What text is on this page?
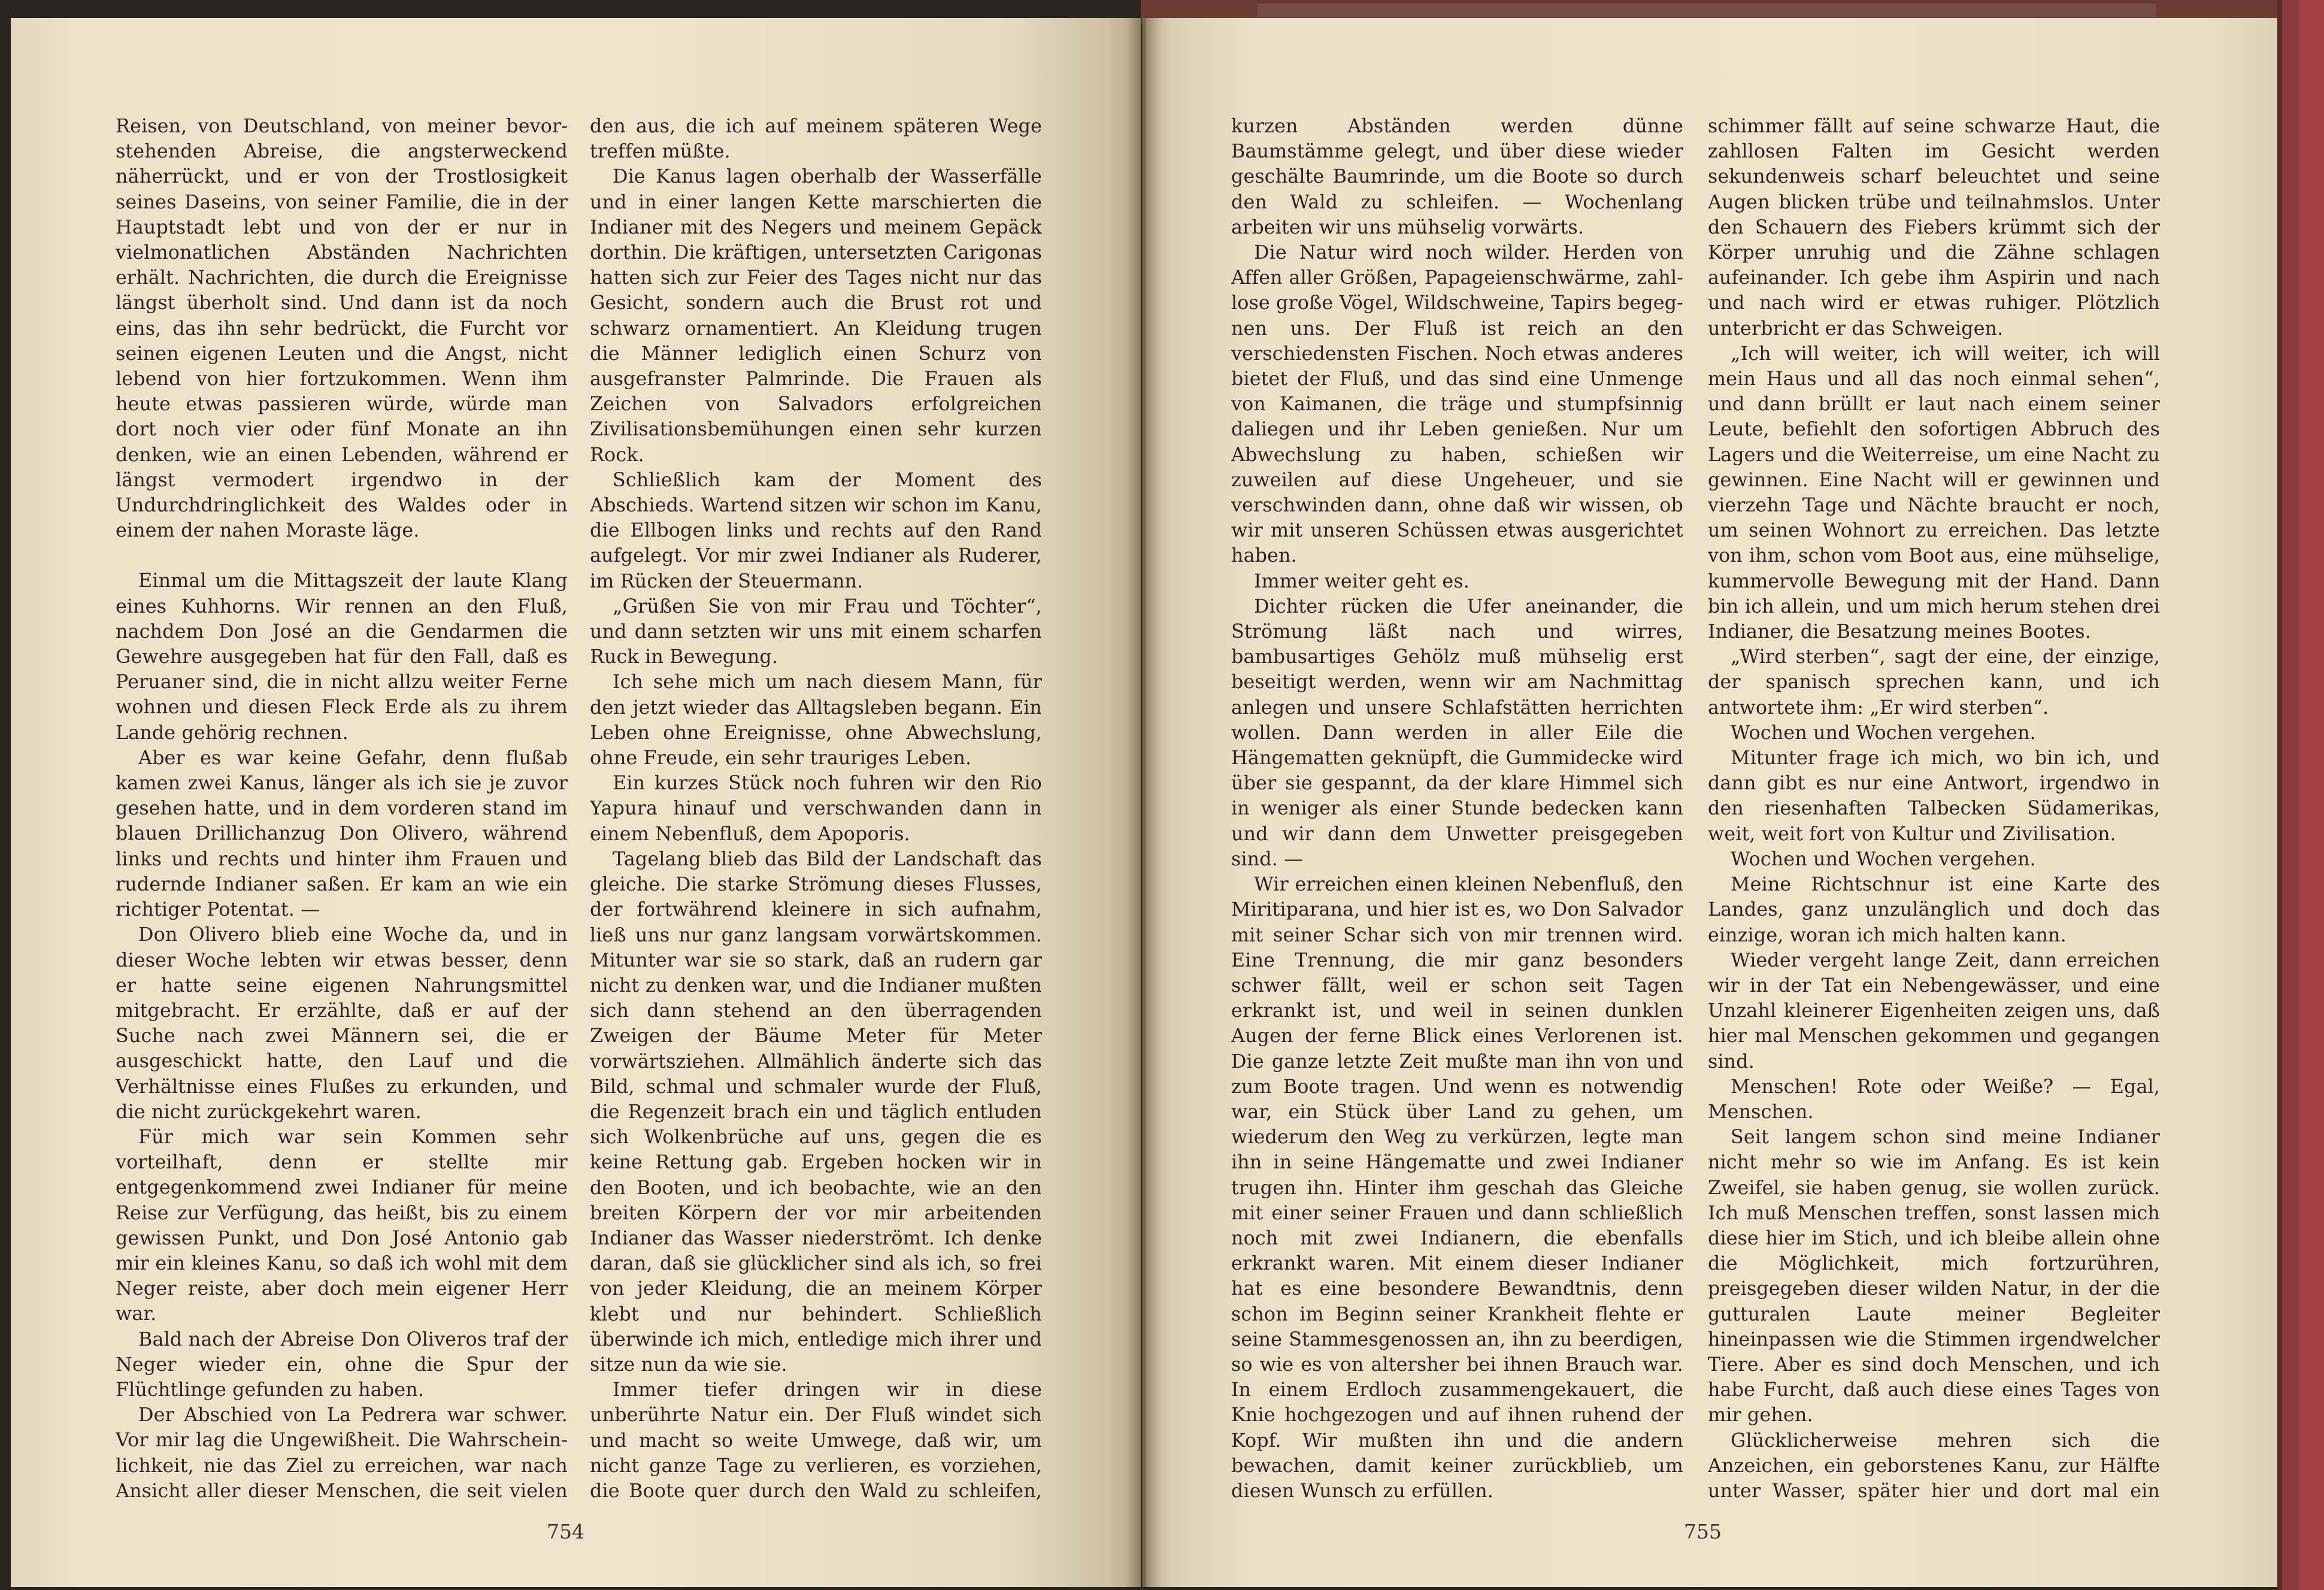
Reisen, von Deutschland, von meiner bevorstehenden Abreise, die angsterweckend näherrückt, und er von der Trostlosigkeit seines Daseins, von seiner Familie, die in der Hauptstadt lebt und von der er nur in vielmonatlichen Abständen Nachrichten erhält. Nachrichten, die durch die Ereignisse längst überholt sind. Und dann ist da noch eins, das ihn sehr bedrückt, die Furcht vor seinen eigenen Leuten und die Angst, nicht lebend von hier fortzukommen. Wenn ihm heute etwas passieren würde, würde man dort noch vier oder fünf Monate an ihn denken, wie an einen Lebenden, während er längst vermodert irgendwo in der Undurchdringlichkeit des Waldes oder in einem der nahen Moraste läge.

Einmal um die Mittagszeit der laute Klang eines Kuhhorns. Wir rennen an den Fluß, nachdem Don José an die Gendarmen die Gewehre ausgegeben hat für den Fall, daß es Peruaner sind, die in nicht allzu weiter Ferne wohnen und diesen Fleck Erde als zu ihrem Lande gehörig rechnen.

Aber es war keine Gefahr, denn flußab kamen zwei Kanus, länger als ich sie je zuvor gesehen hatte, und in dem vorderen stand im blauen Drillichanzug Don Olivero, während links und rechts und hinter ihm Frauen und rudernde Indianer saßen. Er kam an wie ein richtiger Potentat. —

Don Olivero blieb eine Woche da, und in dieser Woche lebten wir etwas besser, denn er hatte seine eigenen Nahrungsmittel mitgebracht. Er erzählte, daß er auf der Suche nach zwei Männern sei, die er ausgeschickt hatte, den Lauf und die Verhältnisse eines Flußes zu erkunden, und die nicht zurückgekehrt waren.

Für mich war sein Kommen sehr vorteilhaft, denn er stellte mir entgegenkommend zwei Indianer für meine Reise zur Verfügung, das heißt, bis zu einem gewissen Punkt, und Don José Antonio gab mir ein kleines Kanu, so daß ich wohl mit dem Neger reiste, aber doch mein eigener Herr war.

Bald nach der Abreise Don Oliveros traf der Neger wieder ein, ohne die Spur der Flüchtlinge gefunden zu haben.

Der Abschied von La Pedrera war schwer. Vor mir lag die Ungewißheit. Die Wahrscheinlichkeit, nie das Ziel zu erreichen, war nach Ansicht aller dieser Menschen, die seit vielen

den aus, die ich auf meinem späteren Wege treffen müßte.

Die Kanus lagen oberhalb der Wasserfälle und in einer langen Kette marschierten die Indianer mit des Negers und meinem Gepäck dorthin. Die kräftigen, untersetzten Carigonas hatten sich zur Feier des Tages nicht nur das Gesicht, sondern auch die Brust rot und schwarz ornamentiert. An Kleidung trugen die Männer lediglich einen Schurz von ausgefranster Palmrinde. Die Frauen als Zeichen von Salvadors erfolgreichen Zivilisationsbemühungen einen sehr kurzen Rock.

Schließlich kam der Moment des Abschieds. Wartend sitzen wir schon im Kanu, die Ellbogen links und rechts auf den Rand aufgelegt. Vor mir zwei Indianer als Ruderer, im Rücken der Steuermann.

„Grüßen Sie von mir Frau und Töchter“, und dann setzten wir uns mit einem scharfen Ruck in Bewegung.

Ich sehe mich um nach diesem Mann, für den jetzt wieder das Alltagsleben begann. Ein Leben ohne Ereignisse, ohne Abwechslung, ohne Freude, ein sehr trauriges Leben.

Ein kurzes Stück noch fuhren wir den Rio Yapura hinauf und verschwanden dann in einem Nebenfluß, dem Apoporis.

Tagelang blieb das Bild der Landschaft das gleiche. Die starke Strömung dieses Flusses, der fortwährend kleinere in sich aufnahm, ließ uns nur ganz langsam vorwärtskommen. Mitunter war sie so stark, daß an rudern gar nicht zu denken war, und die Indianer mußten sich dann stehend an den überragenden Zweigen der Bäume Meter für Meter vorwärtsziehen. Allmählich änderte sich das Bild, schmal und schmaler wurde der Fluß, die Regenzeit brach ein und täglich entluden sich Wolkenbrüche auf uns, gegen die es keine Rettung gab. Ergeben hocken wir in den Booten, und ich beobachte, wie an den breiten Körpern der vor mir arbeitenden Indianer das Wasser niederströmt. Ich denke daran, daß sie glücklicher sind als ich, so frei von jeder Kleidung, die an meinem Körper klebt und nur behindert. Schließlich überwinde ich mich, entledige mich ihrer und sitze nun da wie sie.

Immer tiefer dringen wir in diese unberührte Natur ein. Der Fluß windet sich und macht so weite Umwege, daß wir, um nicht ganze Tage zu verlieren, es vorziehen, die Boote quer durch den Wald zu schleifen,

754

kurzen Abständen werden dünne Baumstämme gelegt, und über diese wieder geschälte Baumrinde, um die Boote so durch den Wald zu schleifen. — Wochenlang arbeiten wir uns mühselig vorwärts.

Die Natur wird noch wilder. Herden von Affen aller Größen, Papageienschwärme, zahllose große Vögel, Wildschweine, Tapirs begegnen uns. Der Fluß ist reich an den verschiedensten Fischen. Noch etwas anderes bietet der Fluß, und das sind eine Unmenge von Kaimanen, die träge und stumpfsinnig daliegen und ihr Leben genießen. Nur um Abwechslung zu haben, schießen wir zuweilen auf diese Ungeheuer, und sie verschwinden dann, ohne daß wir wissen, ob wir mit unseren Schüssen etwas ausgerichtet haben.

Immer weiter geht es.

Dichter rücken die Ufer aneinander, die Strömung läßt nach und wirres, bambusartiges Gehölz muß mühselig erst beseitigt werden, wenn wir am Nachmittag anlegen und unsere Schlafstätten herrichten wollen. Dann werden in aller Eile die Hängematten geknüpft, die Gummidecke wird über sie gespannt, da der klare Himmel sich in weniger als einer Stunde bedecken kann und wir dann dem Unwetter preisgegeben sind. —

Wir erreichen einen kleinen Nebenfluß, den Miritiparana, und hier ist es, wo Don Salvador mit seiner Schar sich von mir trennen wird. Eine Trennung, die mir ganz besonders schwer fällt, weil er schon seit Tagen erkrankt ist, und weil in seinen dunklen Augen der ferne Blick eines Verlorenen ist. Die ganze letzte Zeit mußte man ihn von und zum Boote tragen. Und wenn es notwendig war, ein Stück über Land zu gehen, um wiederum den Weg zu verkürzen, legte man ihn in seine Hängematte und zwei Indianer trugen ihn. Hinter ihm geschah das Gleiche mit einer seiner Frauen und dann schließlich noch mit zwei Indianern, die ebenfalls erkrankt waren. Mit einem dieser Indianer hat es eine besondere Bewandtnis, denn schon im Beginn seiner Krankheit flehte er seine Stammesgenossen an, ihn zu beerdigen, so wie es von altersher bei ihnen Brauch war. In einem Erdloch zusammengekauert, die Knie hochgezogen und auf ihnen ruhend der Kopf. Wir mußten ihn und die andern bewachen, damit keiner zurückblieb, um diesen Wunsch zu erfüllen.

schimmer fällt auf seine schwarze Haut, die zahllosen Falten im Gesicht werden sekundenweis scharf beleuchtet und seine Augen blicken trübe und teilnahmslos. Unter den Schauern des Fiebers krümmt sich der Körper unruhig und die Zähne schlagen aufeinander. Ich gebe ihm Aspirin und nach und nach wird er etwas ruhiger. Plötzlich unterbricht er das Schweigen.

„Ich will weiter, ich will weiter, ich will mein Haus und all das noch einmal sehen“, und dann brüllt er laut nach einem seiner Leute, befiehlt den sofortigen Abbruch des Lagers und die Weiterreise, um eine Nacht zu gewinnen. Eine Nacht will er gewinnen und vierzehn Tage und Nächte braucht er noch, um seinen Wohnort zu erreichen. Das letzte von ihm, schon vom Boot aus, eine mühselige, kummervolle Bewegung mit der Hand. Dann bin ich allein, und um mich herum stehen drei Indianer, die Besatzung meines Bootes.

„Wird sterben“, sagt der eine, der einzige, der spanisch sprechen kann, und ich antwortete ihm: „Er wird sterben“.

Wochen und Wochen vergehen.

Mitunter frage ich mich, wo bin ich, und dann gibt es nur eine Antwort, irgendwo in den riesenhaften Talbecken Südamerikas, weit, weit fort von Kultur und Zivilisation.

Wochen und Wochen vergehen.

Meine Richtschnur ist eine Karte des Landes, ganz unzulänglich und doch das einzige, woran ich mich halten kann.

Wieder vergeht lange Zeit, dann erreichen wir in der Tat ein Nebengewässer, und eine Unzahl kleinerer Eigenheiten zeigen uns, daß hier mal Menschen gekommen und gegangen sind.

Menschen! Rote oder Weiße? — Egal, Menschen.

Seit langem schon sind meine Indianer nicht mehr so wie im Anfang. Es ist kein Zweifel, sie haben genug, sie wollen zurück. Ich muß Menschen treffen, sonst lassen mich diese hier im Stich, und ich bleibe allein ohne die Möglichkeit, mich fortzurühren, preisgegeben dieser wilden Natur, in der die gutturalen Laute meiner Begleiter hineinpassen wie die Stimmen irgendwelcher Tiere. Aber es sind doch Menschen, und ich habe Furcht, daß auch diese eines Tages von mir gehen.

Glücklicherweise mehren sich die Anzeichen, ein geborstenes Kanu, zur Hälfte unter Wasser, später hier und dort mal ein

755
